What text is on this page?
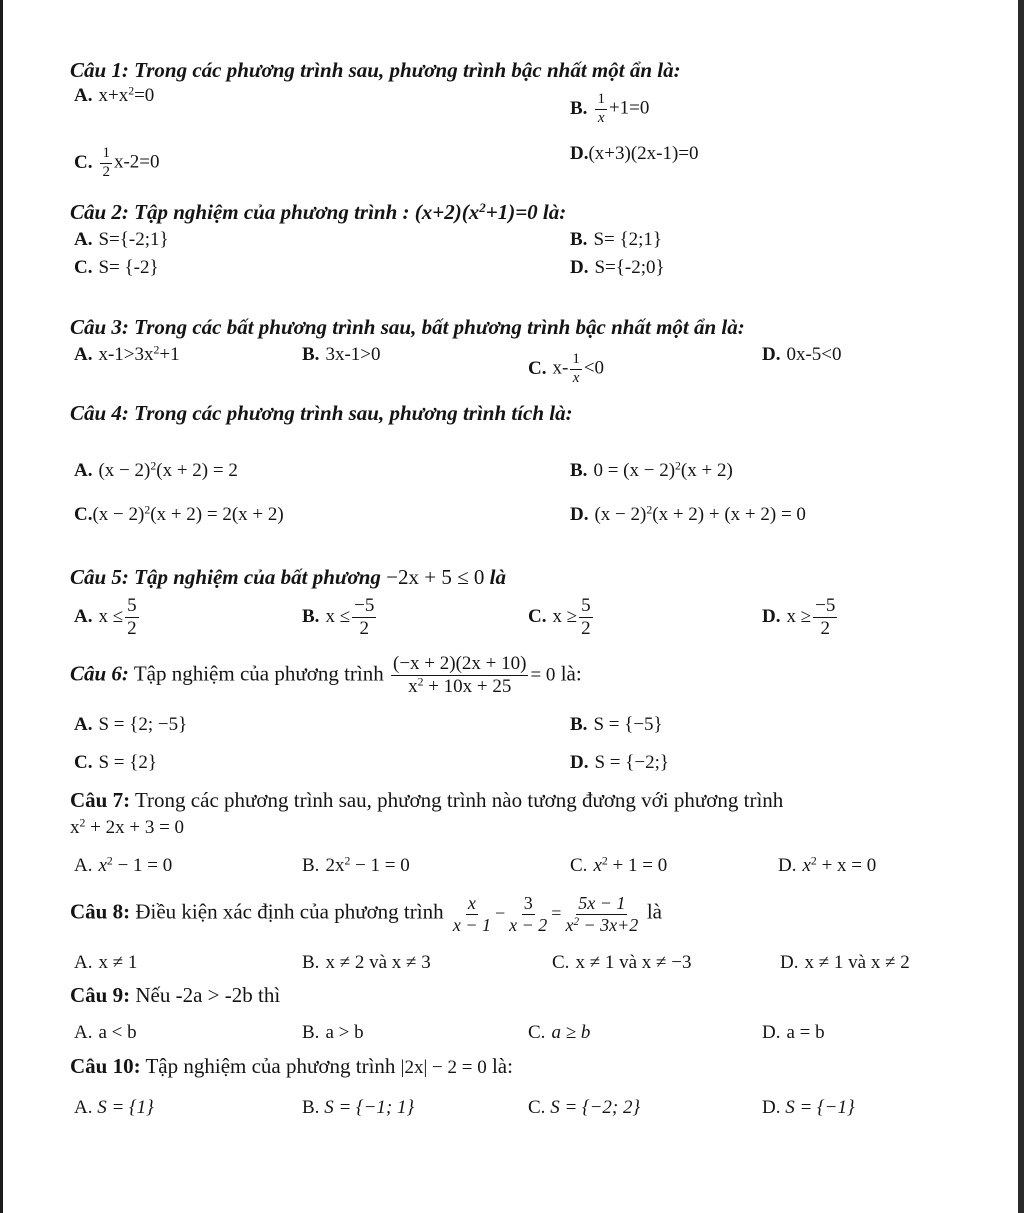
Câu 1: Trong các phương trình sau, phương trình bậc nhất một ẩn là:
A. $x+x^2=0$
B. $\frac{1}{x} +1=0$
C. $\frac{1}{2} x-2=0$	D.(x+3)(2x-1)=0
Câu 2: Tập nghiệm của phương trình : $(x+2)(x^2+1)=0$ là:
A. S={-2;1}	B. S= {2;1}
C. S= {-2}	D. S={-2;0}
Câu 3: Trong các bất phương trình sau, bất phương trình bậc nhất một ẩn là:
A. $x-1>3x^2+1$	B. 3x-1>0
C. $x- \frac{1}{x} <0$
D. 0x-5<0
Câu 4: Trong các phương trình sau, phương trình tích là:
A. $(x - 2)^2(x + 2) = 2$	B. $0 = (x - 2)^2(x + 2)$
$C.(x - 2)^2(x + 2) = 2(x + 2)$	D. $(x - 2)^2(x + 2) + (x + 2) = 0$
Câu 5: Tập nghiệm của bất phương −2x + 5 ≤ 0 là
A. $x \le \frac{5}{2}$	B. $x \le \frac{-5}{2}$	C. $x \ge \frac{5}{2}$	D. $x \ge \frac{-5}{2}$
Câu 6: Tập nghiệm của phương trình $\frac{(-x + 2)(2x + 10)}{x^2 + 10x + 25} = 0$ là:
A. S = {2; −5}	B. S = {−5}
C. S = {2}	D. S = {−2;}
Câu 7: Trong các phương trình sau, phương trình nào tương đương với phương trình
$x^2 + 2x + 3 = 0$
A. $x^2 - 1 = 0$	B. $2x^2 - 1 = 0$	C. $x^2 + 1 = 0$	D. $x^2 + x = 0$
Câu 8: Điều kiện xác định của phương trình $\frac{x}{x - 1} - \frac{3}{x - 2} = \frac{5x - 1}{x^2 - 3x+2}$ là
A. x ≠ 1	B. x ≠ 2 và x ≠ 3	C. x ≠ 1 và x ≠ −3	D. x ≠ 1 và x ≠ 2
Câu 9: Nếu -2a > -2b thì
A. a < b	B. a > b	C. a ≥ b	D. a = b
Câu 10: Tập nghiệm của phương trình |2x| − 2 = 0 là:
A. S = {1}	B. S = {−1; 1}	C. S = {−2; 2}	D. S = {−1}
